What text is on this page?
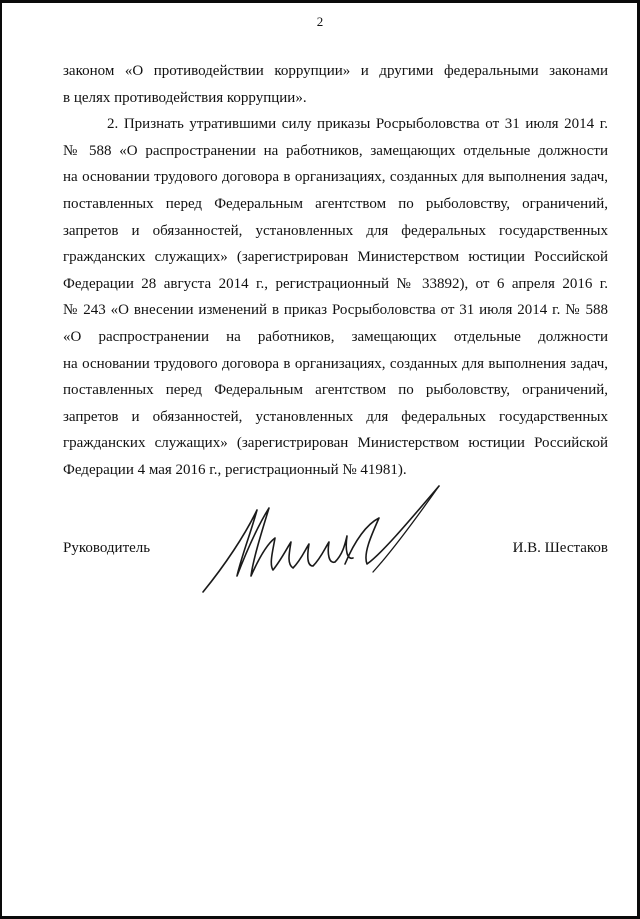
2
законом «О противодействии коррупции» и другими федеральными законами
в целях противодействия коррупции».
2. Признать утратившими силу приказы Росрыболовства от 31 июля 2014 г.
№ 588 «О распространении на работников, замещающих отдельные должности
на основании трудового договора в организациях, созданных для выполнения задач,
поставленных перед Федеральным агентством по рыболовству, ограничений,
запретов и обязанностей, установленных для федеральных государственных
гражданских служащих» (зарегистрирован Министерством юстиции Российской
Федерации 28 августа 2014 г., регистрационный № 33892), от 6 апреля 2016 г.
№ 243 «О внесении изменений в приказ Росрыболовства от 31 июля 2014 г. № 588
«О распространении на работников, замещающих отдельные должности
на основании трудового договора в организациях, созданных для выполнения задач,
поставленных перед Федеральным агентством по рыболовству, ограничений,
запретов и обязанностей, установленных для федеральных государственных
гражданских служащих» (зарегистрирован Министерством юстиции Российской
Федерации 4 мая 2016 г., регистрационный № 41981).
Руководитель	И.В. Шестаков
